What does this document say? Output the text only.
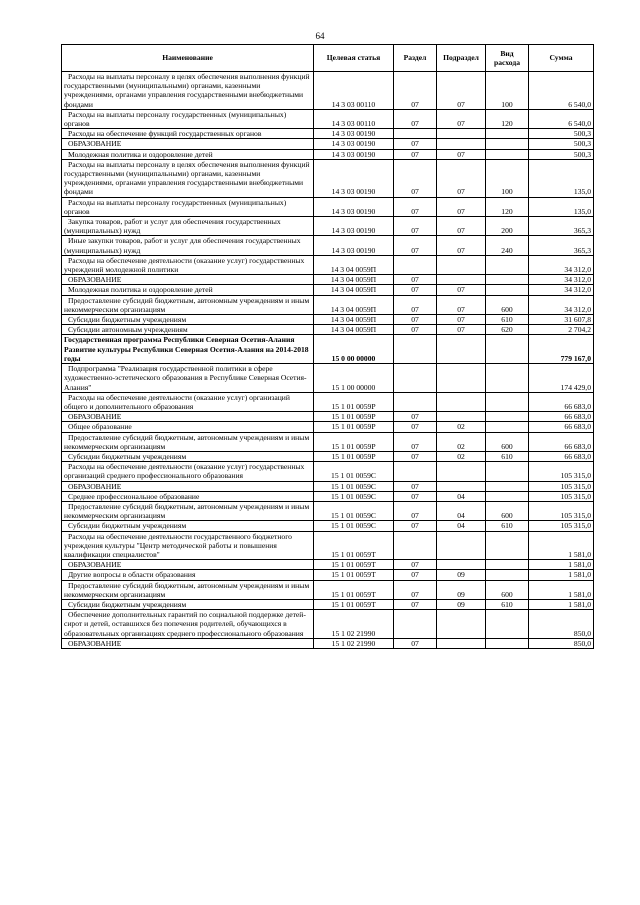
64
Наименование	Целевая статья	Раздел	Подраздел	Вид расхода	Сумма
Расходы на выплаты персоналу в целях обеспечения выполнения функций государственными (муниципальными) органами, казенными учреждениями, органами управления государственными внебюджетными фондами	14 3 03 00110	07	07	100	6 540,0
Расходы на выплаты персоналу государственных (муниципальных) органов	14 3 03 00110	07	07	120	6 540,0
Расходы на обеспечение функций государственных органов	14 3 03 00190				500,3
ОБРАЗОВАНИЕ	14 3 03 00190	07			500,3
Молодежная политика и оздоровление детей	14 3 03 00190	07	07		500,3
Расходы на выплаты персоналу в целях обеспечения выполнения функций государственными (муниципальными) органами, казенными учреждениями, органами управления государственными внебюджетными фондами	14 3 03 00190	07	07	100	135,0
Расходы на выплаты персоналу государственных (муниципальных) органов	14 3 03 00190	07	07	120	135,0
Закупка товаров, работ и услуг для обеспечения государственных (муниципальных) нужд	14 3 03 00190	07	07	200	365,3
Иные закупки товаров, работ и услуг для обеспечения государственных (муниципальных) нужд	14 3 03 00190	07	07	240	365,3
Расходы на обеспечение деятельности (оказание услуг) государственных учреждений молодежной политики	14 3 04 0059П				34 312,0
ОБРАЗОВАНИЕ	14 3 04 0059П	07			34 312,0
Молодежная политика и оздоровление детей	14 3 04 0059П	07	07		34 312,0
Предоставление субсидий бюджетным, автономным учреждениям и иным некоммерческим организациям	14 3 04 0059П	07	07	600	34 312,0
Субсидии бюджетным учреждениям	14 3 04 0059П	07	07	610	31 607,8
Субсидии автономным учреждениям	14 3 04 0059П	07	07	620	2 704,2
Государственная программа Республики Северная Осетия-Алания Развитие культуры Республики Северная Осетия-Алания на 2014-2018 годы	15 0 00 00000				779 167,0
Подпрограмма "Реализация государственной политики в сфере художественно-эстетического образования в Республике Северная Осетия-Алания"	15 1 00 00000				174 429,0
Расходы на обеспечение деятельности (оказание услуг) организаций общего и дополнительного образования	15 1 01 0059Р				66 683,0
ОБРАЗОВАНИЕ	15 1 01 0059Р	07			66 683,0
Общее образование	15 1 01 0059Р	07	02		66 683,0
Предоставление субсидий бюджетным, автономным учреждениям и иным некоммерческим организациям	15 1 01 0059Р	07	02	600	66 683,0
Субсидии бюджетным учреждениям	15 1 01 0059Р	07	02	610	66 683,0
Расходы на обеспечение деятельности (оказание услуг) государственных организаций среднего профессионального образования	15 1 01 0059С				105 315,0
ОБРАЗОВАНИЕ	15 1 01 0059С	07			105 315,0
Среднее профессиональное образование	15 1 01 0059С	07	04		105 315,0
Предоставление субсидий бюджетным, автономным учреждениям и иным некоммерческим организациям	15 1 01 0059С	07	04	600	105 315,0
Субсидии бюджетным учреждениям	15 1 01 0059С	07	04	610	105 315,0
Расходы на обеспечение деятельности государственного бюджетного учреждения культуры "Центр методической работы и повышения квалификации специалистов"	15 1 01 0059Т				1 581,0
ОБРАЗОВАНИЕ	15 1 01 0059Т	07			1 581,0
Другие вопросы в области образования	15 1 01 0059Т	07	09		1 581,0
Предоставление субсидий бюджетным, автономным учреждениям и иным некоммерческим организациям	15 1 01 0059Т	07	09	600	1 581,0
Субсидии бюджетным учреждениям	15 1 01 0059Т	07	09	610	1 581,0
Обеспечение дополнительных гарантий по социальной поддержке детей-сирот и детей, оставшихся без попечения родителей, обучающихся в образовательных организациях среднего профессионального образования	15 1 02 21990				850,0
ОБРАЗОВАНИЕ	15 1 02 21990	07			850,0
